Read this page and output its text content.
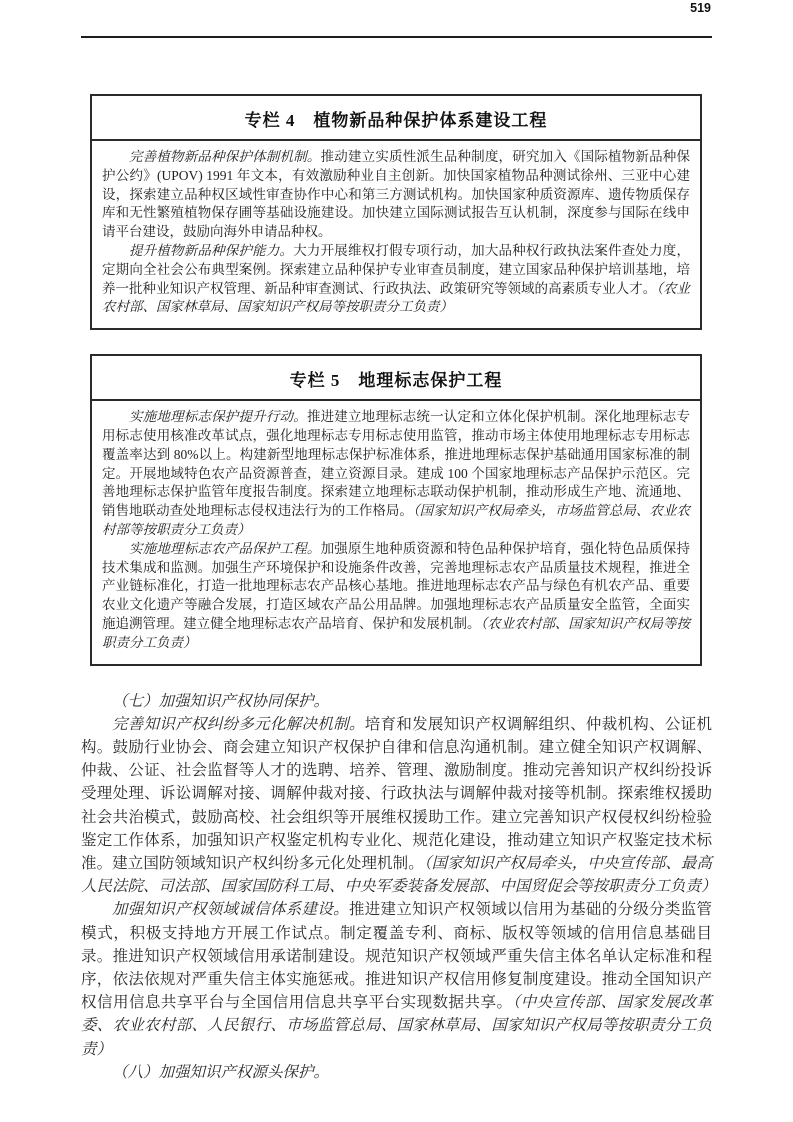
519
专栏 4　植物新品种保护体系建设工程

完善植物新品种保护体制机制。推动建立实质性派生品种制度，研究加入《国际植物新品种保护公约》(UPOV) 1991 年文本，有效激励种业自主创新。加快国家植物品种测试徐州、三亚中心建设，探索建立品种权区域性审查协作中心和第三方测试机构。加快国家种质资源库、遗传物质保存库和无性繁殖植物保存圃等基础设施建设。加快建立国际测试报告互认机制，深度参与国际在线申请平台建设，鼓励向海外申请品种权。

提升植物新品种保护能力。大力开展维权打假专项行动，加大品种权行政执法案件查处力度，定期向全社会公布典型案例。探索建立品种保护专业审查员制度，建立国家品种保护培训基地，培养一批种业知识产权管理、新品种审查测试、行政执法、政策研究等领域的高素质专业人才。（农业农村部、国家林草局、国家知识产权局等按职责分工负责）

专栏 5　地理标志保护工程

实施地理标志保护提升行动。推进建立地理标志统一认定和立体化保护机制。深化地理标志专用标志使用核准改革试点，强化地理标志专用标志使用监管，推动市场主体使用地理标志专用标志覆盖率达到 80%以上。构建新型地理标志保护标准体系，推进地理标志保护基础通用国家标准的制定。开展地域特色农产品资源普查，建立资源目录。建成 100 个国家地理标志产品保护示范区。完善地理标志保护监管年度报告制度。探索建立地理标志联动保护机制，推动形成生产地、流通地、销售地联动查处地理标志侵权违法行为的工作格局。（国家知识产权局牵头，市场监管总局、农业农村部等按职责分工负责）

实施地理标志农产品保护工程。加强原生地种质资源和特色品种保护培育，强化特色品质保持技术集成和监测。加强生产环境保护和设施条件改善，完善地理标志农产品质量技术规程，推进全产业链标准化，打造一批地理标志农产品核心基地。推进地理标志农产品与绿色有机农产品、重要农业文化遗产等融合发展，打造区域农产品公用品牌。加强地理标志农产品质量安全监管，全面实施追溯管理。建立健全地理标志农产品培育、保护和发展机制。（农业农村部、国家知识产权局等按职责分工负责）

（七）加强知识产权协同保护。

完善知识产权纠纷多元化解决机制。培育和发展知识产权调解组织、仲裁机构、公证机构。鼓励行业协会、商会建立知识产权保护自律和信息沟通机制。建立健全知识产权调解、仲裁、公证、社会监督等人才的选聘、培养、管理、激励制度。推动完善知识产权纠纷投诉受理处理、诉讼调解对接、调解仲裁对接、行政执法与调解仲裁对接等机制。探索维权援助社会共治模式，鼓励高校、社会组织等开展维权援助工作。建立完善知识产权侵权纠纷检验鉴定工作体系，加强知识产权鉴定机构专业化、规范化建设，推动建立知识产权鉴定技术标准。建立国防领域知识产权纠纷多元化处理机制。（国家知识产权局牵头，中央宣传部、最高人民法院、司法部、国家国防科工局、中央军委装备发展部、中国贸促会等按职责分工负责）

加强知识产权领域诚信体系建设。推进建立知识产权领域以信用为基础的分级分类监管模式，积极支持地方开展工作试点。制定覆盖专利、商标、版权等领域的信用信息基础目录。推进知识产权领域信用承诺制建设。规范知识产权领域严重失信主体名单认定标准和程序，依法依规对严重失信主体实施惩戒。推进知识产权信用修复制度建设。推动全国知识产权信用信息共享平台与全国信用信息共享平台实现数据共享。（中央宣传部、国家发展改革委、农业农村部、人民银行、市场监管总局、国家林草局、国家知识产权局等按职责分工负责）

（八）加强知识产权源头保护。
